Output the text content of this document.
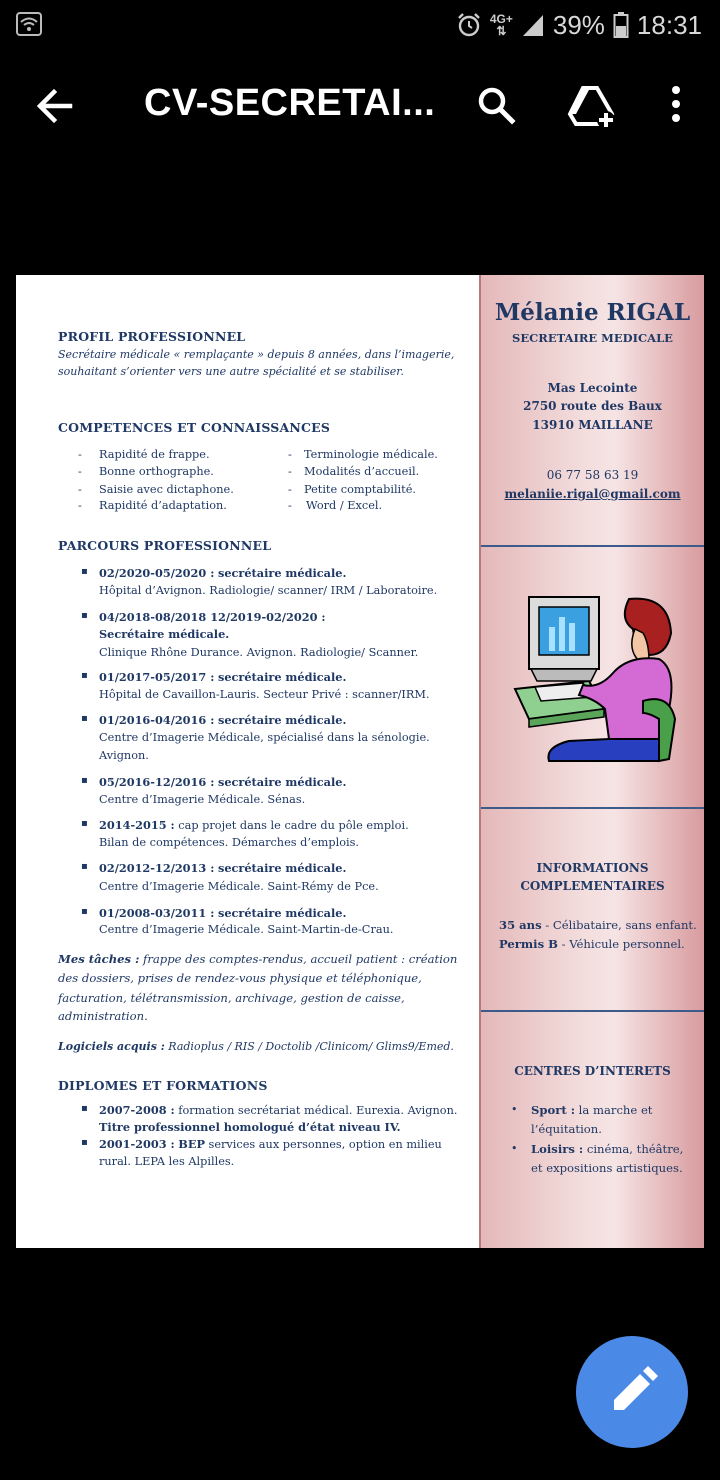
4G+
⇅ 39% 18:31
CV-SECRETAI...
PROFIL PROFESSIONNEL
Secrétaire médicale « remplaçante » depuis 8 années, dans l’imagerie,
souhaitant s’orienter vers une autre spécialité et se stabiliser.
COMPETENCES ET CONNAISSANCES
- Rapidité de frappe.
- Bonne orthographe.
- Saisie avec dictaphone.
- Rapidité d’adaptation.
- Terminologie médicale.
- Modalités d’accueil.
- Petite comptabilité.
- Word / Excel.
PARCOURS PROFESSIONNEL
▪ 02/2020-05/2020 : secrétaire médicale.
Hôpital d’Avignon. Radiologie/ scanner/ IRM / Laboratoire.
▪ 04/2018-08/2018 12/2019-02/2020 :
Secrétaire médicale.
Clinique Rhône Durance. Avignon. Radiologie/ Scanner.
▪ 01/2017-05/2017 : secrétaire médicale.
Hôpital de Cavaillon-Lauris. Secteur Privé : scanner/IRM.
▪ 01/2016-04/2016 : secrétaire médicale.
Centre d’Imagerie Médicale, spécialisé dans la sénologie.
Avignon.
▪ 05/2016-12/2016 : secrétaire médicale.
Centre d’Imagerie Médicale. Sénas.
▪ 2014-2015 : cap projet dans le cadre du pôle emploi.
Bilan de compétences. Démarches d’emplois.
▪ 02/2012-12/2013 : secrétaire médicale.
Centre d’Imagerie Médicale. Saint-Rémy de Pce.
▪ 01/2008-03/2011 : secrétaire médicale.
Centre d’Imagerie Médicale. Saint-Martin-de-Crau.
Mes tâches : frappe des comptes-rendus, accueil patient : création
des dossiers, prises de rendez-vous physique et téléphonique,
facturation, télétransmission, archivage, gestion de caisse,
administration.
Logiciels acquis : Radioplus / RIS / Doctolib /Clinicom/ Glims9/Emed.
DIPLOMES ET FORMATIONS
▪ 2007-2008 : formation secrétariat médical. Eurexia. Avignon.
Titre professionnel homologué d’état niveau IV.
▪ 2001-2003 : BEP services aux personnes, option en milieu
rural. LEPA les Alpilles.
Mélanie RIGAL
SECRETAIRE MEDICALE
Mas Lecointe
2750 route des Baux
13910 MAILLANE
06 77 58 63 19
melaniie.rigal@gmail.com
INFORMATIONS
COMPLEMENTAIRES
35 ans - Célibataire, sans enfant.
Permis B - Véhicule personnel.
CENTRES D’INTERETS
• Sport : la marche et
l’équitation.
• Loisirs : cinéma, théâtre,
et expositions artistiques.
